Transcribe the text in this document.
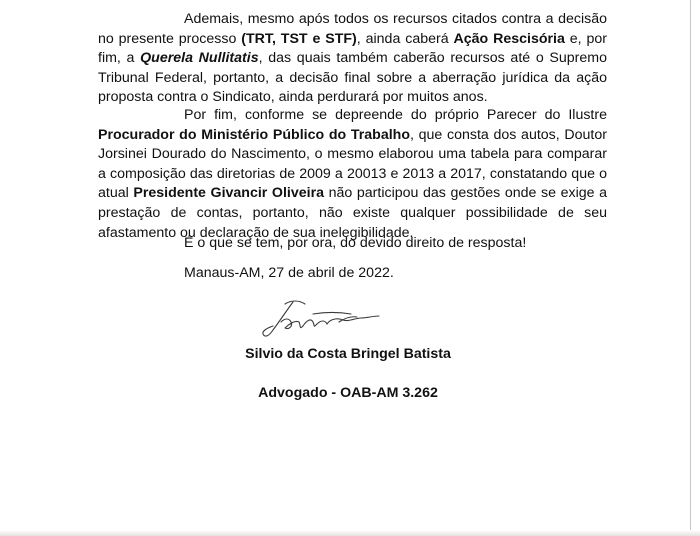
Ademais, mesmo após todos os recursos citados contra a decisão no presente processo (TRT, TST e STF), ainda caberá Ação Rescisória e, por fim, a Querela Nullitatis, das quais também caberão recursos até o Supremo Tribunal Federal, portanto, a decisão final sobre a aberração jurídica da ação proposta contra o Sindicato, ainda perdurará por muitos anos.

Por fim, conforme se depreende do próprio Parecer do Ilustre Procurador do Ministério Público do Trabalho, que consta dos autos, Doutor Jorsinei Dourado do Nascimento, o mesmo elaborou uma tabela para comparar a composição das diretorias de 2009 a 20013 e 2013 a 2017, constatando que o atual Presidente Givancir Oliveira não participou das gestões onde se exige a prestação de contas, portanto, não existe qualquer possibilidade de seu afastamento ou declaração de sua inelegibilidade.

É o que se tem, por ora, do devido direito de resposta!
Manaus-AM, 27 de abril de 2022.
Silvio da Costa Bringel Batista
Advogado - OAB-AM 3.262
